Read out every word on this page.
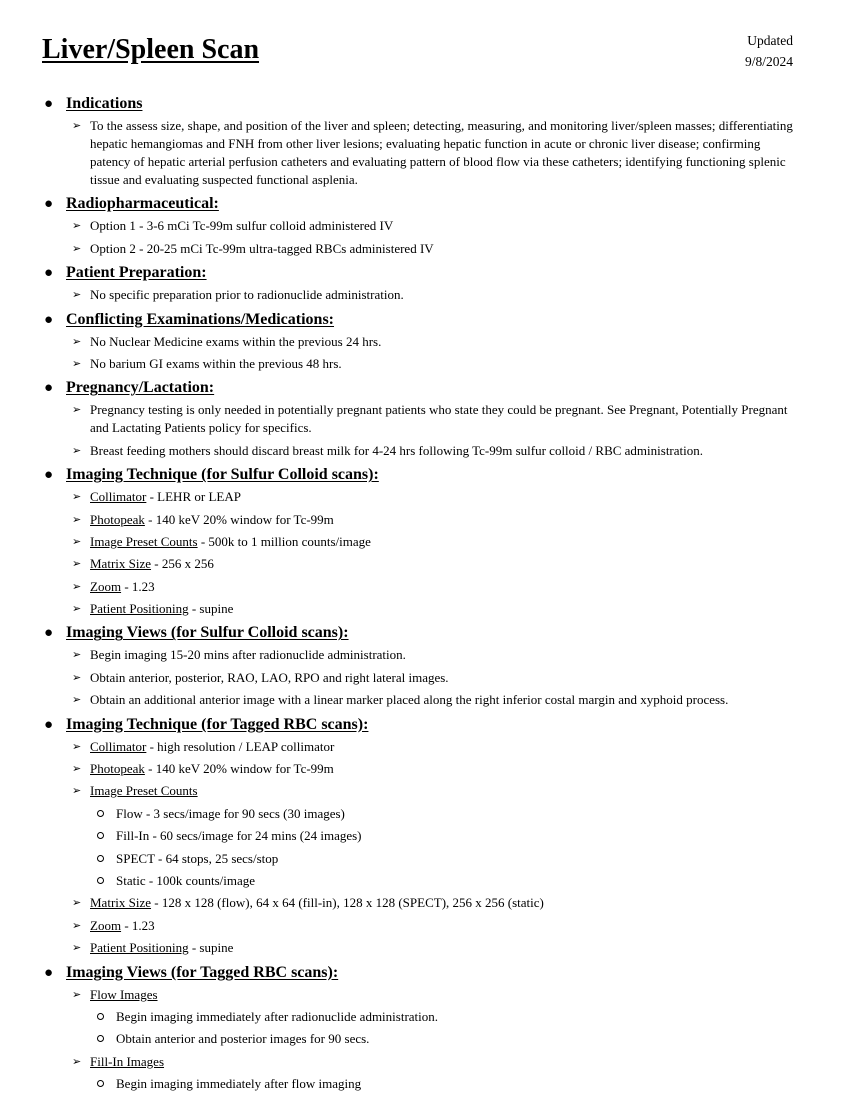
Liver/Spleen Scan	Updated
9/8/2024
● Indications
➢ To the assess size, shape, and position of the liver and spleen; detecting, measuring, and monitoring liver/spleen masses; differentiating hepatic hemangiomas and FNH from other liver lesions; evaluating hepatic function in acute or chronic liver disease; confirming patency of hepatic arterial perfusion catheters and evaluating pattern of blood flow via these catheters; identifying functioning splenic tissue and evaluating suspected functional asplenia.
● Radiopharmaceutical:
➢ Option 1 - 3-6 mCi Tc-99m sulfur colloid administered IV
➢ Option 2 - 20-25 mCi Tc-99m ultra-tagged RBCs administered IV
● Patient Preparation:
➢ No specific preparation prior to radionuclide administration.
● Conflicting Examinations/Medications:
➢ No Nuclear Medicine exams within the previous 24 hrs.
➢ No barium GI exams within the previous 48 hrs.
● Pregnancy/Lactation:
➢ Pregnancy testing is only needed in potentially pregnant patients who state they could be pregnant. See Pregnant, Potentially Pregnant and Lactating Patients policy for specifics.
➢ Breast feeding mothers should discard breast milk for 4-24 hrs following Tc-99m sulfur colloid / RBC administration.
● Imaging Technique (for Sulfur Colloid scans):
➢ Collimator - LEHR or LEAP
➢ Photopeak - 140 keV 20% window for Tc-99m
➢ Image Preset Counts - 500k to 1 million counts/image
➢ Matrix Size - 256 x 256
➢ Zoom - 1.23
➢ Patient Positioning - supine
● Imaging Views (for Sulfur Colloid scans):
➢ Begin imaging 15-20 mins after radionuclide administration.
➢ Obtain anterior, posterior, RAO, LAO, RPO and right lateral images.
➢ Obtain an additional anterior image with a linear marker placed along the right inferior costal margin and xyphoid process.
● Imaging Technique (for Tagged RBC scans):
➢ Collimator - high resolution / LEAP collimator
➢ Photopeak - 140 keV 20% window for Tc-99m
➢ Image Preset Counts
Flow - 3 secs/image for 90 secs (30 images)
Fill-In - 60 secs/image for 24 mins (24 images)
SPECT - 64 stops, 25 secs/stop
Static - 100k counts/image
➢ Matrix Size - 128 x 128 (flow), 64 x 64 (fill-in), 128 x 128 (SPECT), 256 x 256 (static)
➢ Zoom - 1.23
➢ Patient Positioning - supine
● Imaging Views (for Tagged RBC scans):
➢ Flow Images
Begin imaging immediately after radionuclide administration.
Obtain anterior and posterior images for 90 secs.
➢ Fill-In Images
Begin imaging immediately after flow imaging
